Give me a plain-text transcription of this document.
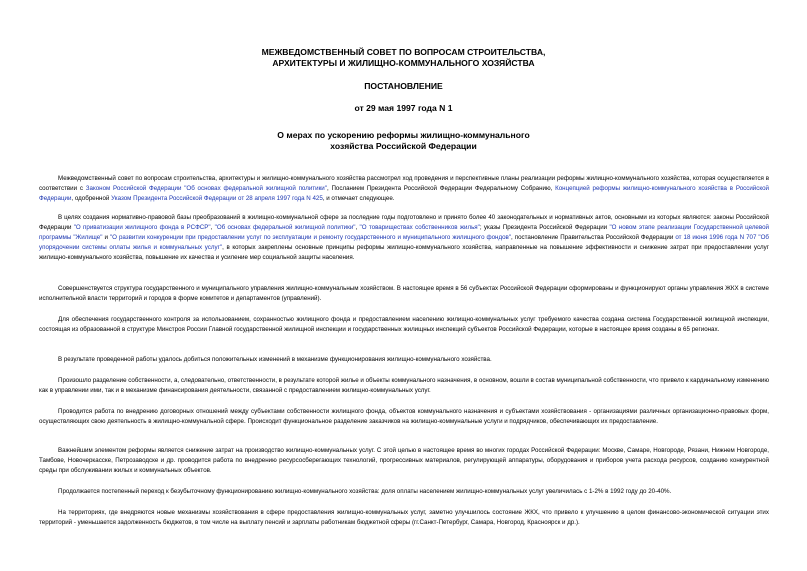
МЕЖВЕДОМСТВЕННЫЙ СОВЕТ ПО ВОПРОСАМ СТРОИТЕЛЬСТВА,
АРХИТЕКТУРЫ И ЖИЛИЩНО-КОММУНАЛЬНОГО ХОЗЯЙСТВА
ПОСТАНОВЛЕНИЕ
от 29 мая 1997 года N 1
О мерах по ускорению реформы жилищно-коммунального
хозяйства Российской Федерации
Межведомственный совет по вопросам строительства, архитектуры и жилищно-коммунального хозяйства рассмотрел ход проведения и перспективные планы реализации реформы жилищно-коммунального хозяйства, которая осуществляется в соответствии с Законом Российской Федерации "Об основах федеральной жилищной политики", Посланием Президента Российской Федерации Федеральному Собранию, Концепцией реформы жилищно-коммунального хозяйства в Российской Федерации, одобренной Указом Президента Российской Федерации от 28 апреля 1997 года N 425, и отмечает следующее.
В целях создания нормативно-правовой базы преобразований в жилищно-коммунальной сфере за последние годы подготовлено и принято более 40 законодательных и нормативных актов, основными из которых являются: законы Российской Федерации "О приватизации жилищного фонда в РСФСР", "Об основах федеральной жилищной политики", "О товариществах собственников жилья"; указы Президента Российской Федерации "О новом этапе реализации Государственной целевой программы "Жилище" и "О развитии конкуренции при предоставлении услуг по эксплуатации и ремонту государственного и муниципального жилищного фондов", постановление Правительства Российской Федерации от 18 июня 1996 года N 707 "Об упорядочении системы оплаты жилья и коммунальных услуг", в которых закреплены основные принципы реформы жилищно-коммунального хозяйства, направленные на повышение эффективности и снижение затрат при предоставлении услуг жилищно-коммунального хозяйства, повышение их качества и усиление мер социальной защиты населения.
Совершенствуется структура государственного и муниципального управления жилищно-коммунальным хозяйством. В настоящее время в 56 субъектах Российской Федерации сформированы и функционируют органы управления ЖКХ в системе исполнительной власти территорий и городов в форме комитетов и департаментов (управлений).
Для обеспечения государственного контроля за использованием, сохранностью жилищного фонда и предоставлением населению жилищно-коммунальных услуг требуемого качества создана система Государственной жилищной инспекции, состоящая из образованной в структуре Минстроя России Главной государственной жилищной инспекции и государственных жилищных инспекций субъектов Российской Федерации, которые в настоящее время созданы в 65 регионах.
В результате проведенной работы удалось добиться положительных изменений в механизме функционирования жилищно-коммунального хозяйства.
Произошло разделение собственности, а, следовательно, ответственности, в результате которой жилье и объекты коммунального назначения, в основном, вошли в состав муниципальной собственности, что привело к кардинальному изменению как в управлении ими, так и в механизме финансирования деятельности, связанной с предоставлением жилищно-коммунальных услуг.
Проводится работа по внедрению договорных отношений между субъектами собственности жилищного фонда, объектов коммунального назначения и субъектами хозяйствования - организациями различных организационно-правовых форм, осуществляющих свою деятельность в жилищно-коммунальной сфере. Происходит функциональное разделение заказчиков на жилищно-коммунальные услуги и подрядчиков, обеспечивающих их предоставление.
Важнейшим элементом реформы является снижение затрат на производство жилищно-коммунальных услуг. С этой целью в настоящее время во многих городах Российской Федерации: Москве, Самаре, Новгороде, Рязани, Нижнем Новгороде, Тамбове, Новочеркасске, Петрозаводске и др. проводится работа по внедрению ресурсосберегающих технологий, прогрессивных материалов, регулирующей аппаратуры, оборудования и приборов учета расхода ресурсов, созданию конкурентной среды при обслуживании жилых и коммунальных объектов.
Продолжается постепенный переход к безубыточному функционированию жилищно-коммунального хозяйства: доля оплаты населением жилищно-коммунальных услуг увеличилась с 1-2% в 1992 году до 20-40%.
На территориях, где внедряются новые механизмы хозяйствования в сфере предоставления жилищно-коммунальных услуг, заметно улучшилось состояние ЖКХ, что привело к улучшению в целом финансово-экономической ситуации этих территорий - уменьшается задолженность бюджетов, в том числе на выплату пенсий и зарплаты работникам бюджетной сферы (гг.Санкт-Петербург, Самара, Новгород, Красноярск и др.).
